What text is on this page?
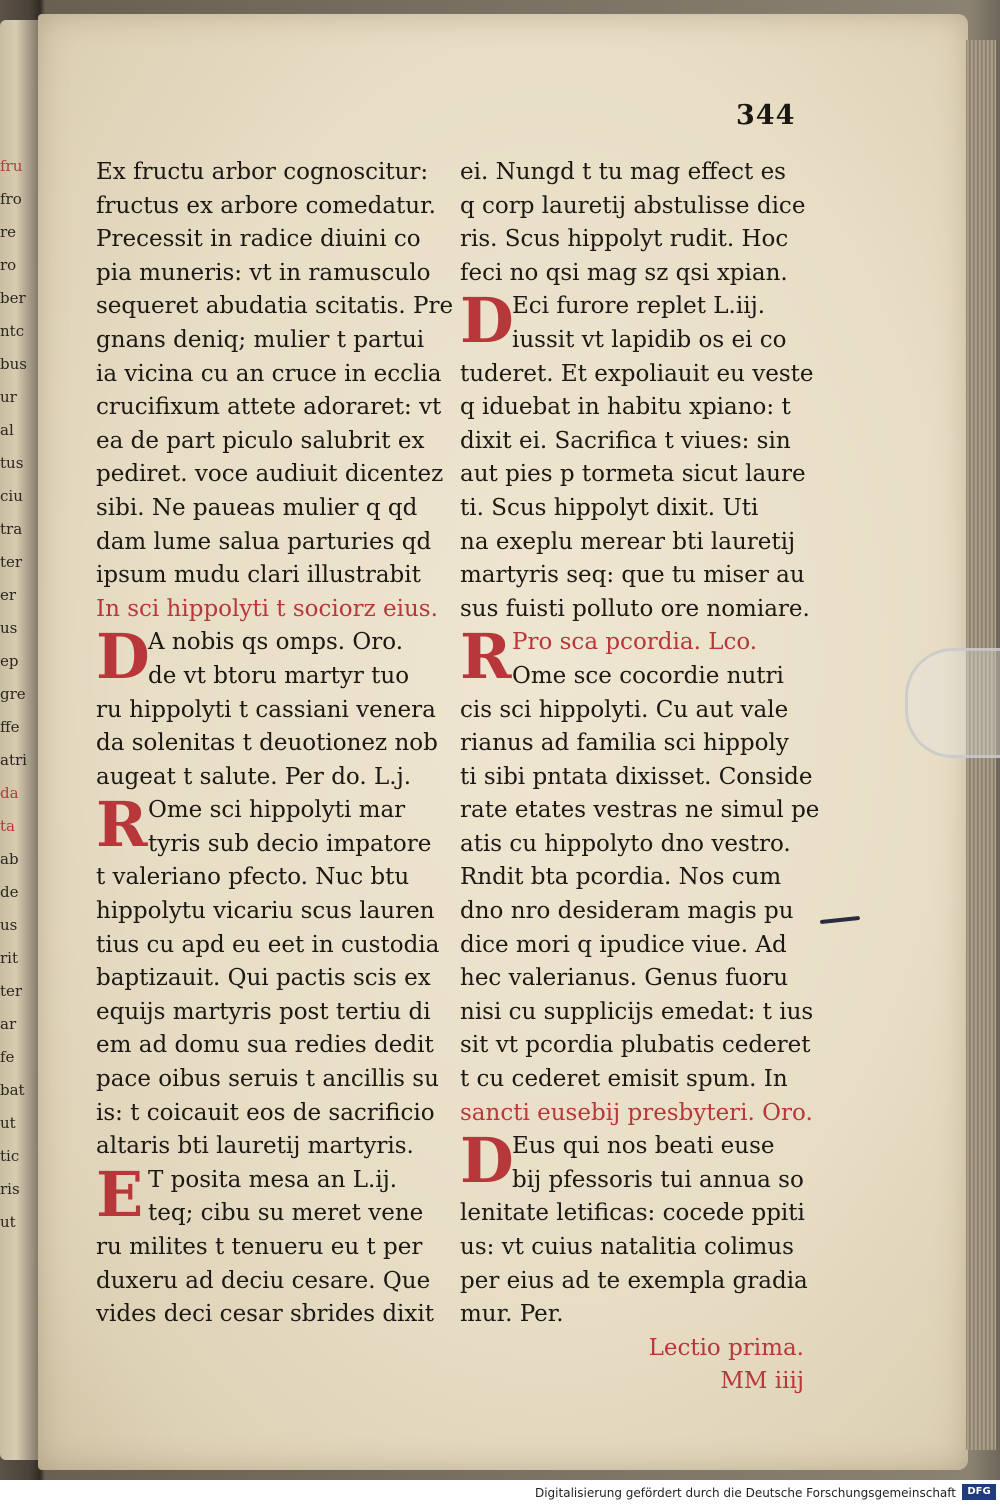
fru
fro
re
ro
ber
ntc
bus
ur
al
tus
ciu
tra
ter
er
us
ep
gre
ffe
atri
da
ta
ab
de
us
rit
ter
ar
fe
bat
ut
tic
ris
ut
344
Ex fructu arbor cognoscitur:
fructus ex arbore comedatur.
Precessit in radice diuini co
pia muneris: vt in ramusculo
sequeret abudatia scitatis. Pre
gnans deniq; mulier t partui
ia vicina cu an cruce in ecclia
crucifixum attete adoraret: vt
ea de part piculo salubrit ex
pediret. voce audiuit dicentez
sibi. Ne paueas mulier q qd
dam lume salua parturies qd
ipsum mudu clari illustrabit
In sci hippolyti t sociorz eius.
D
A nobis qs omps. Oro.
de vt btoru martyr tuo
ru hippolyti t cassiani venera
da solenitas t deuotionez nob
augeat t salute. Per do. L.j.
R Ome sci hippolyti mar
tyris sub decio impatore
t valeriano pfecto. Nuc btu
hippolytu vicariu scus lauren
tius cu apd eu eet in custodia
baptizauit. Qui pactis scis ex
equijs martyris post tertiu di
em ad domu sua redies dedit
pace oibus seruis t ancillis su
is: t coicauit eos de sacrificio
altaris bti lauretij martyris.
E T posita mesa an L.ij.
teq; cibu su meret vene
ru milites t tenueru eu t per
duxeru ad deciu cesare. Que
vides deci cesar sbrides dixit
ei. Nungd t tu mag effect es
q corp lauretij abstulisse dice
ris. Scus hippolyt rudit. Hoc
feci no qsi mag sz qsi xpian.
D
Eci furore replet L.iij.
iussit vt lapidib os ei co
tuderet. Et expoliauit eu veste
q iduebat in habitu xpiano: t
dixit ei. Sacrifica t viues: sin
aut pies p tormeta sicut laure
ti. Scus hippolyt dixit. Uti
na exeplu merear bti lauretij
martyris seq: que tu miser au
sus fuisti polluto ore nomiare.
R Pro sca pcordia. Lco.
Ome sce cocordie nutri
cis sci hippolyti. Cu aut vale
rianus ad familia sci hippoly
ti sibi pntata dixisset. Conside
rate etates vestras ne simul pe
atis cu hippolyto dno vestro.
Rndit bta pcordia. Nos cum
dno nro desideram magis pu
dice mori q ipudice viue. Ad
hec valerianus. Genus fuoru
nisi cu supplicijs emedat: t ius
sit vt pcordia plubatis cederet
t cu cederet emisit spum. In
sancti eusebij presbyteri. Oro.
D
Eus qui nos beati euse
bij pfessoris tui annua so
lenitate letificas: cocede ppiti
us: vt cuius natalitia colimus
per eius ad te exempla gradia
mur. Per.
Lectio prima.
MM iiij
Digitalisierung gefördert durch die Deutsche Forschungsgemeinschaft	DFG
